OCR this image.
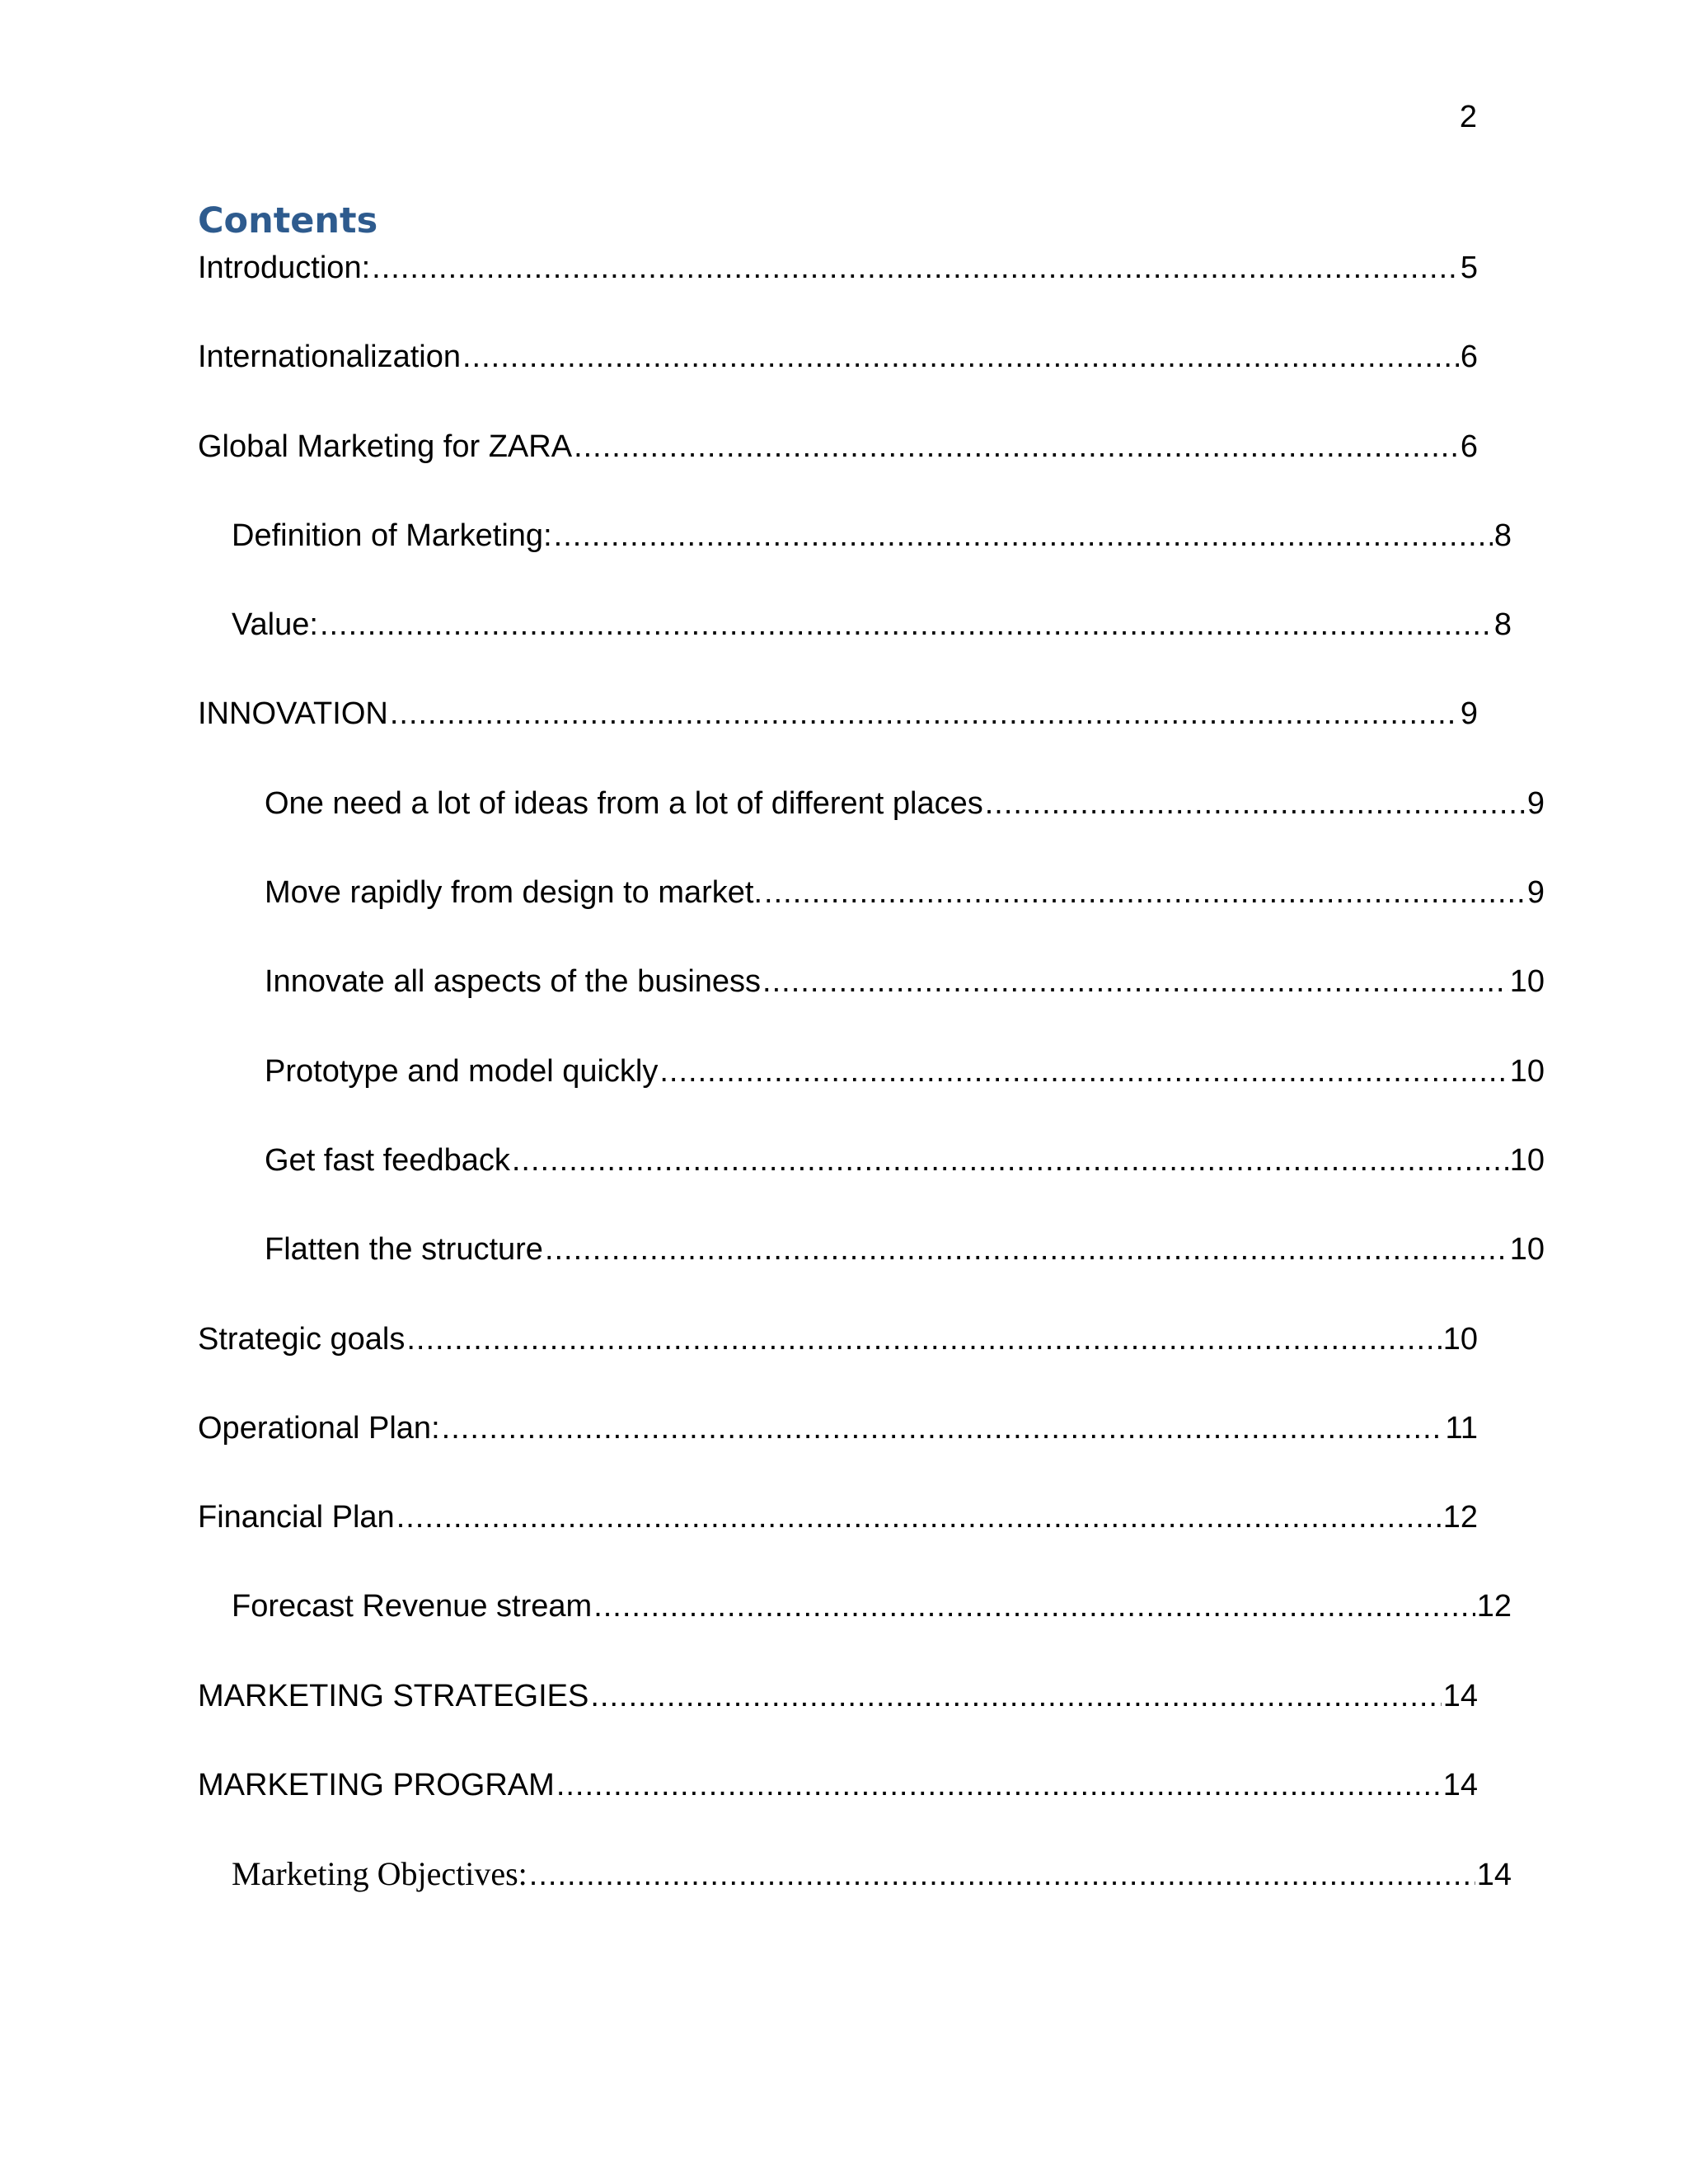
2
Contents
Introduction: .....	5
Internationalization .....	6
Global Marketing for ZARA .....	6
Definition of Marketing: .....	8
Value: .....	8
INNOVATION .....	9
One need a lot of ideas from a lot of different places .....	9
Move rapidly from design to market. .....	9
Innovate all aspects of the business .....	10
Prototype and model quickly .....	10
Get fast feedback .....	10
Flatten the structure .....	10
Strategic goals .....	10
Operational Plan: .....	11
Financial Plan .....	12
Forecast Revenue stream .....	12
MARKETING STRATEGIES .....	14
MARKETING PROGRAM .....	14
Marketing Objectives: .....	14
